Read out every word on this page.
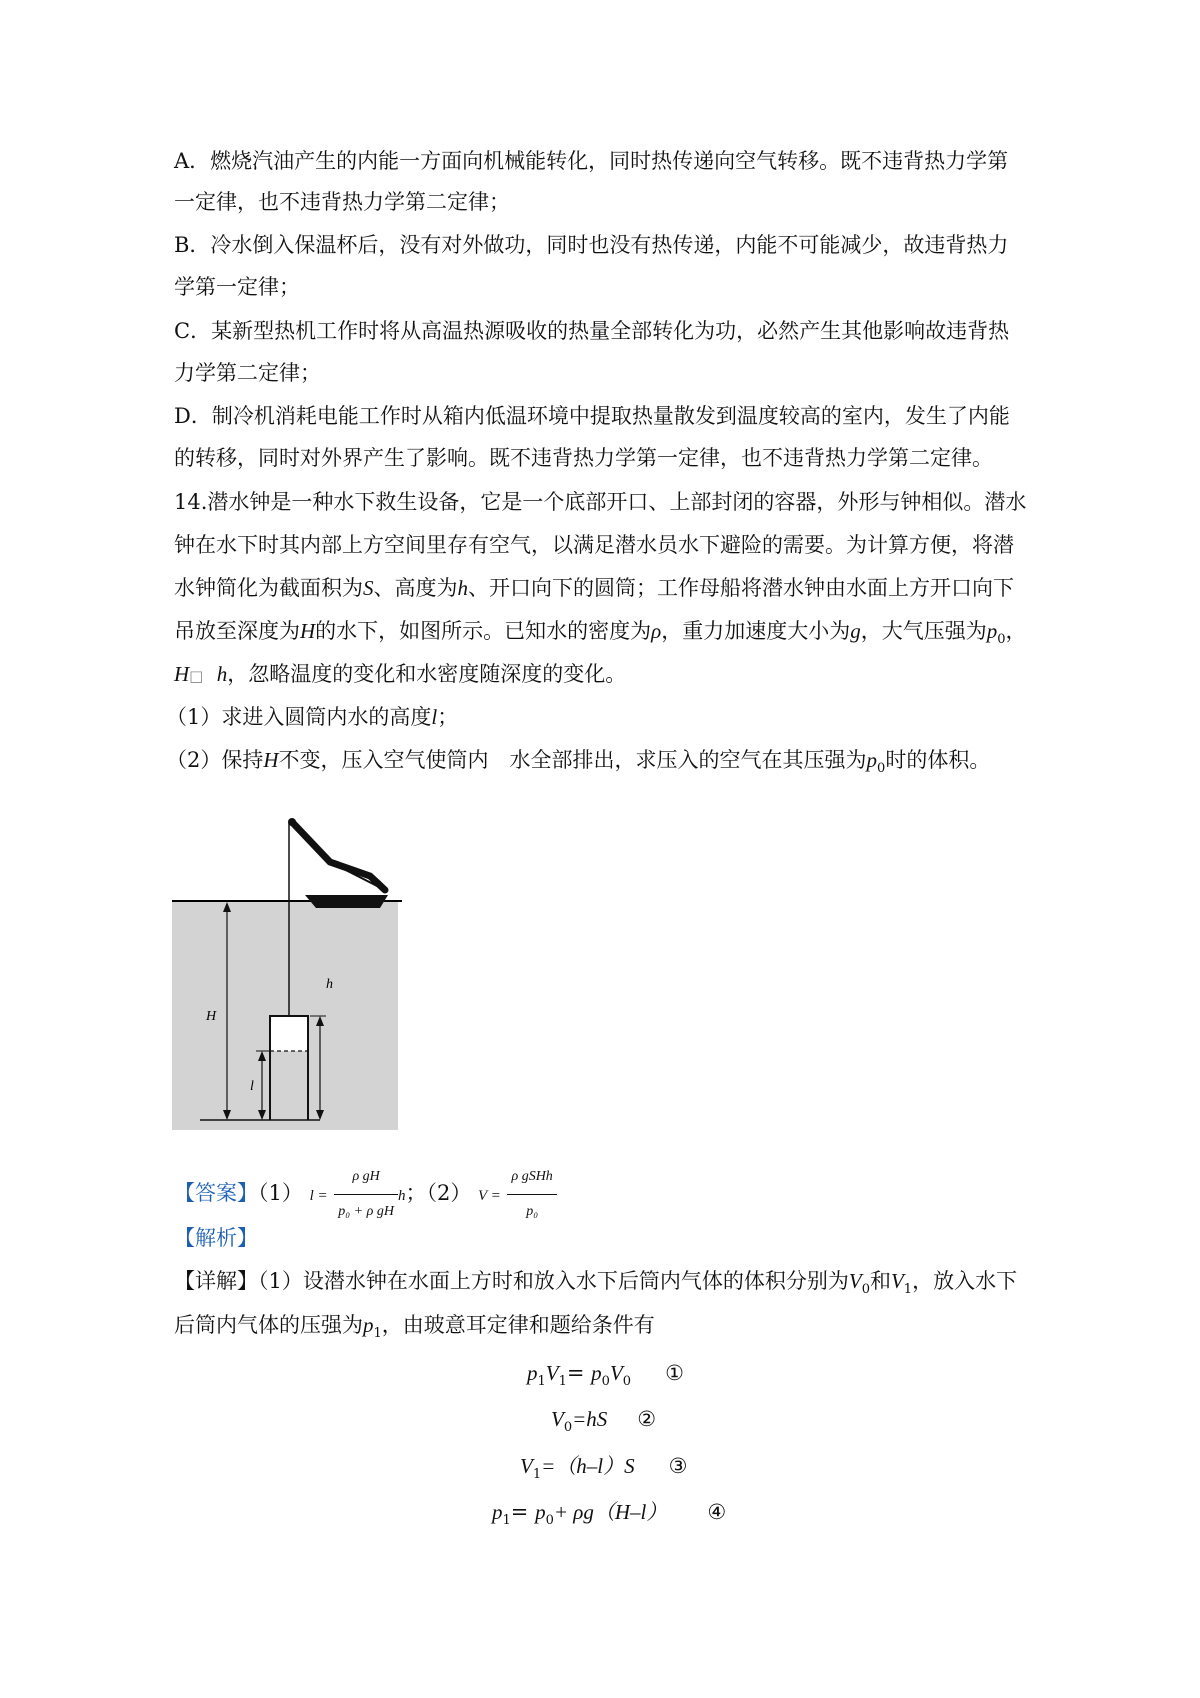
A．燃烧汽油产生的内能一方面向机械能转化，同时热传递向空气转移。既不违背热力学第
一定律，也不违背热力学第二定律；
B．冷水倒入保温杯后，没有对外做功，同时也没有热传递，内能不可能减少，故违背热力
学第一定律；
C．某新型热机工作时将从高温热源吸收的热量全部转化为功，必然产生其他影响故违背热
力学第二定律；
D．制冷机消耗电能工作时从箱内低温环境中提取热量散发到温度较高的室内，发生了内能
的转移，同时对外界产生了影响。既不违背热力学第一定律，也不违背热力学第二定律。
14.潜水钟是一种水下救生设备，它是一个底部开口、上部封闭的容器，外形与钟相似。潜水
钟在水下时其内部上方空间里存有空气，以满足潜水员水下避险的需要。为计算方便，将潜
水钟简化为截面积为S、高度为h、开口向下的圆筒；工作母船将潜水钟由水面上方开口向下
吊放至深度为H的水下，如图所示。已知水的密度为ρ，重力加速度大小为g，大气压强为$p_0$，
H□ h，忽略温度的变化和水密度随深度的变化。
（1）求进入圆筒内水的高度l；
（2）保持H不变，压入空气使筒内　水全部排出，求压入的空气在其压强为$p_0$时的体积。
H
h
l
【答案】（1） $l = \frac{\text{ρ gH}}{\text{p₀ + ρ gH}}$ h；（2） $V = \frac{\text{ρ gSHh}}{\text{p₀}}$
【解析】
【详解】（1）设潜水钟在水面上方时和放入水下后筒内气体的体积分别为$V_0$和$V_1$，放入水下
后筒内气体的压强为$p_1$，由玻意耳定律和题给条件有
$p_1V_1= p_0V_0$ ①
$V_0=hS$ ②
$V_1=(h-l)S$ ③
$p_1= p_0+ \rho g(H-l)$ ④
